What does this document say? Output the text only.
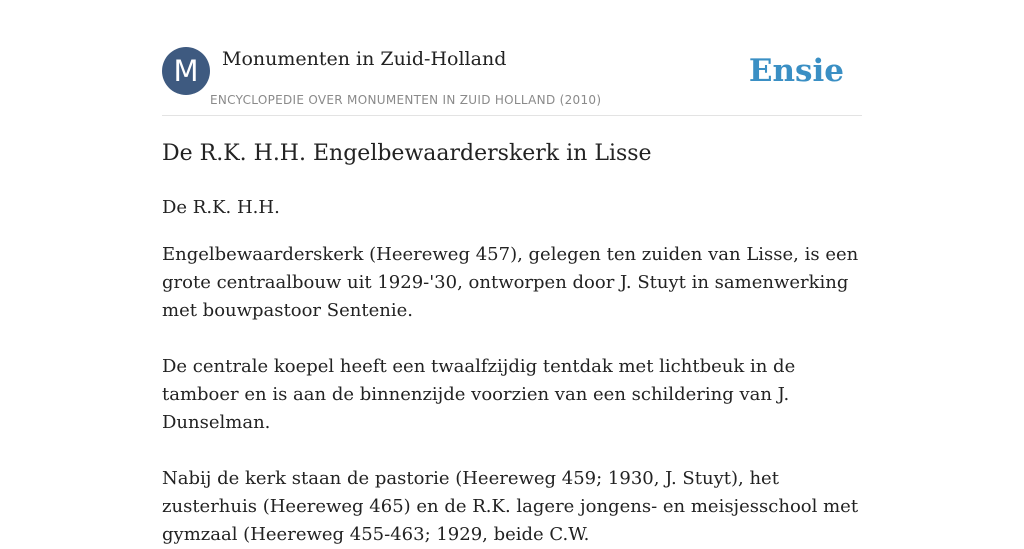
M	Monumenten in Zuid-Holland
ENCYCLOPEDIE OVER MONUMENTEN IN ZUID HOLLAND (2010)
Ensie
De R.K. H.H. Engelbewaarderskerk in Lisse

De R.K. H.H.

Engelbewaarderskerk (Heereweg 457), gelegen ten zuiden van Lisse, is een grote centraalbouw uit 1929-'30, ontworpen door J. Stuyt in samenwerking met bouwpastoor Sentenie.

De centrale koepel heeft een twaalfzijdig tentdak met lichtbeuk in de tamboer en is aan de binnenzijde voorzien van een schildering van J. Dunselman.

Nabij de kerk staan de pastorie (Heereweg 459; 1930, J. Stuyt), het zusterhuis (Heereweg 465) en de R.K. lagere jongens- en meisjesschool met gymzaal (Heereweg 455-463; 1929, beide C.W.
